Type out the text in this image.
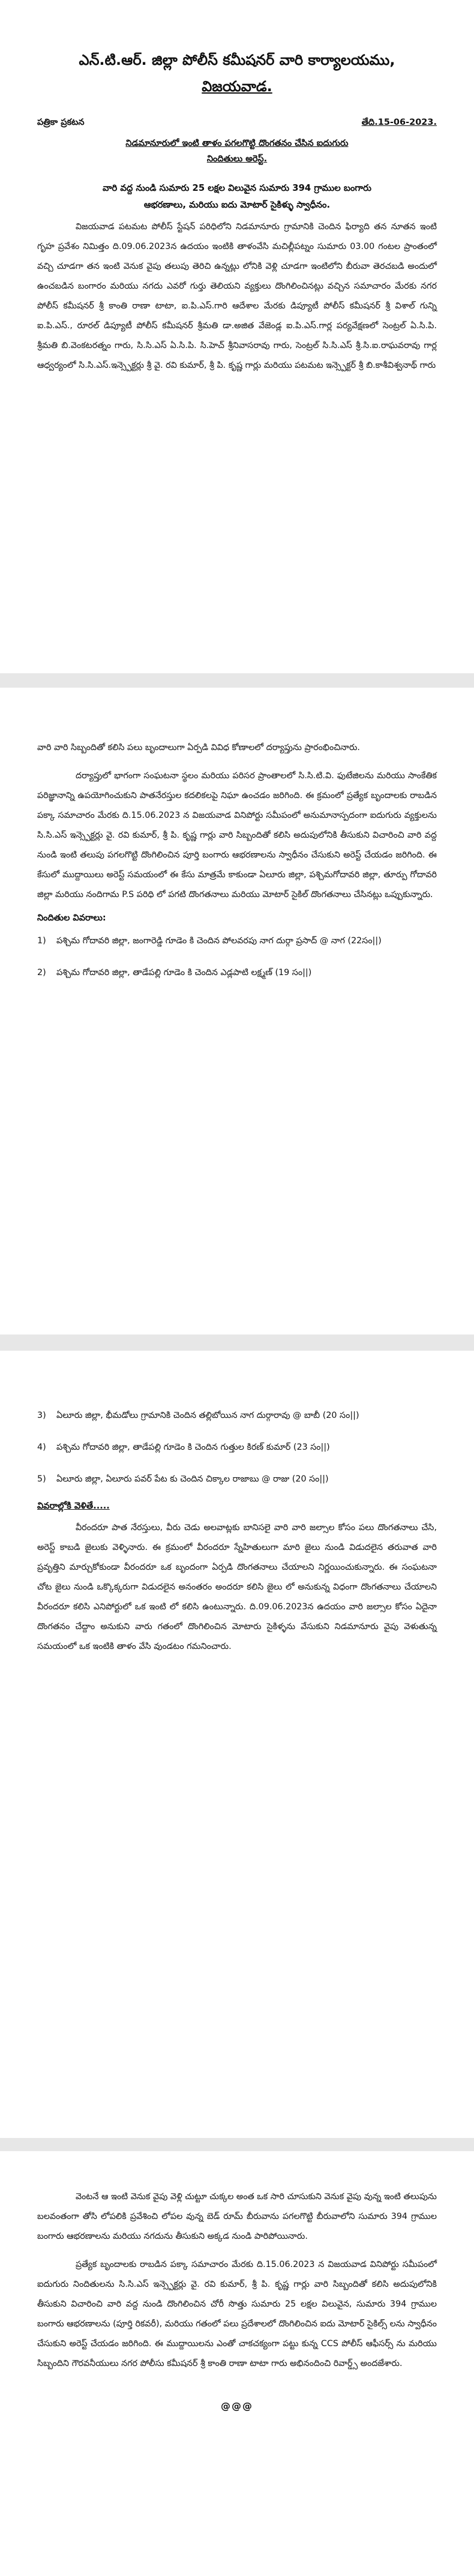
ఎన్.టి.ఆర్. జిల్లా పోలీస్ కమీషనర్ వారి కార్యాలయము,

విజయవాడ.

పత్రికా ప్రకటన	తేది.15-06-2023.
నిడమానూరులో ఇంటి తాళం పగలగొట్టి దొంగతనం చేసిన ఐదుగురు
నిందితులు అరెస్ట్.
వారి వద్ద నుండి సుమారు 25 లక్షల విలువైన సుమారు 394 గ్రాముల బంగారు
ఆభరణాలు, మరియు ఐదు మోటార్ సైకిళ్ళు స్వాధీనం.

విజయవాడ పటమట పోలీస్ స్టేషన్ పరిధిలోని నిడమానూరు గ్రామానికి చెందిన ఫిర్యాది తన నూతన ఇంటి గృహ ప్రవేశం నిమిత్తం ది.09.06.2023న ఉదయం ఇంటికి తాళంవేసి మచిల్లీపట్నం సుమారు 03.00 గంటల ప్రాంతంలో వచ్చి చూడగా తన ఇంటి వెనుక వైపు తలుపు తెరిచి ఉన్నట్లు లోనికి వెళ్లి చూడగా ఇంటిలోని బీరువా తెరచబడి అందులో ఉంచబడిన బంగారం మరియు నగదు ఎవరో గుర్తు తెలియని వ్యక్తులు దొంగిలించినట్లు వచ్చిన సమాచారం మేరకు నగర పోలీస్ కమీషనర్ శ్రీ కాంతి రాణా టాటా, ఐ.పి.ఎస్.గారి ఆదేశాల మేరకు డిప్యూటీ పోలీస్ కమీషనర్ శ్రీ విశాల్ గున్ని ఐ.పి.ఎస్., రూరల్ డిప్యూటీ పోలీస్ కమీషనర్ శ్రీమతి డా.అజిత వేజెండ్ల ఐ.పి.ఎస్.గార్ల పర్యవేక్షణలో సెంట్రల్ ఏ.సి.పి. శ్రీమతి బి.వెంకటరత్నం గారు, సి.సి.ఎస్ ఏ.సి.పి. సి.హెచ్ శ్రీనివాసరావు గారు, సెంట్రల్ సి.సి.ఎస్ శ్రీ.సి.ఐ.రాఘవరావు గార్ల ఆధ్వర్యంలో సి.సి.ఎస్.ఇన్స్పెక్టర్లు శ్రీ వై. రవి కుమార్, శ్రీ పి. కృష్ణ గార్లు మరియు పటమట ఇన్స్పెక్టర్ శ్రీ బి.కాశీవిశ్వనాథ్ గారు

వారి వారి సిబ్బందితో కలిసి పలు బృందాలుగా ఏర్పడి వివిధ కోణాలలో దర్యాప్తును ప్రారంభించినారు.

దర్యాప్తులో భాగంగా సంఘటనా స్థలం మరియు పరిసర ప్రాంతాలలో సి.సి.టి.వి. ఫుటేజిలను మరియు సాంకేతిక పరిజ్ఞానాన్ని ఉపయోగించుకుని పాతనేరస్తుల కదలికలపై నిఘా ఉంచడం జరిగింది. ఈ క్రమంలో ప్రత్యేక బృందాలకు రాబడిన పక్కా సమాచారం మేరకు ది.15.06.2023 న విజయవాడ వినిపోర్టు సమీపంలో అనుమానాస్పదంగా ఐదుగురు వ్యక్తులను సి.సి.ఎస్ ఇన్స్పెక్టర్లు వై. రవి కుమార్, శ్రీ పి. కృష్ణ గార్లు వారి సిబ్బందితో కలిసి అదుపులోనికి తీసుకుని విచారించి వారి వద్ద నుండి ఇంటి తలుపు పగలగొట్టి దొంగిలించిన పూర్తి బంగారు ఆభరణాలను స్వాధీనం చేసుకుని అరెస్ట్ చేయడం జరిగింది. ఈ కేసులో ముద్దాయిలు అరెస్ట్ సమయంలో ఈ కేసు మాత్రమే కాకుండా ఏలూరు జిల్లా, పశ్చిమగోదావరి జిల్లా, తూర్పు గోదావరి జిల్లా మరియు నందిగామ P.S పరిధి లో పగటి దొంగతనాలు మరియు మోటార్ సైకిల్ దొంగతనాలు చేసినట్లు ఒప్పుకున్నారు.

నిందితుల వివరాలు:

1)	పశ్చిమ గోదావరి జిల్లా, జంగారెడ్డి గూడెం కి చెందిన పోలవరపు నాగ దుర్గా ప్రసాద్ @ నాగ (22సం||)
2)	పశ్చిమ గోదావరి జిల్లా, తాడేపల్లి గూడెం కి చెందిన ఎడ్లపాటి లక్ష్మణ్ (19 సం||)
3)	ఏలూరు జిల్లా, భీమడోలు గ్రామానికి చెందిన తల్లిబోయిన నాగ దుర్గారావు @ బాబీ (20 సం||)
4)	పశ్చిమ గోదావరి జిల్లా, తాడేపల్లి గూడెం కి చెందిన గుత్తుల కిరణ్ కుమార్ (23 సం||)
5)	ఏలూరు జిల్లా, ఏలూరు పవర్ పేట కు చెందిన చిక్కాల రాజాబు @ రాజు (20 సం||)

వివరాల్లోకి వెళితే.....

వీరందరూ పాత నేరస్తులు, వీరు చెడు అలవాట్లకు బానిసలై వారి వారి జల్సాల కోసం పలు దొంగతనాలు చేసి, అరెస్ట్ కాబడి జైలుకు వెళ్ళినారు. ఈ క్రమంలో వీరందరూ స్నేహితులుగా మారి జైలు నుండి విడుదలైన తరువాత వారి ప్రవృత్తిని మార్చుకోకుండా వీరందరూ ఒక బృందంగా ఏర్పడి దొంగతనాలు చేయాలని నిర్ణయించుకున్నారు. ఈ సంఘటనా చోట జైలు నుండి ఒక్కొక్కరుగా విడుదలైన అనంతరం అందరూ కలిసి జైలు లో అనుకున్న విధంగా దొంగతనాలు చేయాలని వీరందరూ కలిసి ఎనిపోర్టులో ఒక ఇంటి లో కలిసి ఉంటున్నారు. ది.09.06.2023న ఉదయం వారి జల్సాల కోసం ఏదైనా దొంగతనం చేద్దాం అనుకుని వారు గతంలో దొంగిలించిన మోటారు సైకిళ్ళను వేసుకుని నిడమానూరు వైపు వెళుతున్న సమయంలో ఒక ఇంటికి తాళం వేసి వుండటం గమనించారు.

వెంటనే ఆ ఇంటి వెనుక వైపు వెళ్లి చుట్టూ చుక్కల అంత ఒక సారి చూసుకుని వెనుక వైపు వున్న ఇంటి తలుపును బలవంతంగా తోసి లోపలికి ప్రవేశించి లోపల వున్న బెడ్ రూమ్ బీరువాను పగలగొట్టి బీరువాలోని సుమారు 394 గ్రాముల బంగారు ఆభరణాలను మరియు నగదును తీసుకుని అక్కడ నుండి పారిపోయినారు.

ప్రత్యేక బృందాలకు రాబడిన పక్కా సమాచారం మేరకు ది.15.06.2023 న విజయవాడ వినిపోర్టు సమీపంలో ఐదుగురు నిందితులను సి.సి.ఎస్ ఇన్స్పెక్టర్లు వై. రవి కుమార్, శ్రీ పి. కృష్ణ గార్లు వారి సిబ్బందితో కలిసి అదుపులోనికి తీసుకుని విచారించి వారి వద్ద నుండి దొంగిలించిన చోరీ సొత్తు సుమారు 25 లక్షల విలువైన, సుమారు 394 గ్రాముల బంగారు ఆభరణాలను (పూర్తి రికవరీ), మరియు గతంలో పలు ప్రదేశాలలో దొంగిలించిన ఐదు మోటార్ సైకిల్స్ లను స్వాధీనం చేసుకుని అరెస్ట్ చేయడం జరిగింది. ఈ ముద్దాయిలను ఎంతో చాకచక్యంగా పట్టు కున్న CCS పోలీస్ ఆఫీసర్స్ ను మరియు సిబ్బందిని గౌరవనీయులు నగర పోలీసు కమీషనర్ శ్రీ కాంతి రాణా టాటా గారు అభినందించి రివార్డ్స్ అందజేశారు.

@@@
